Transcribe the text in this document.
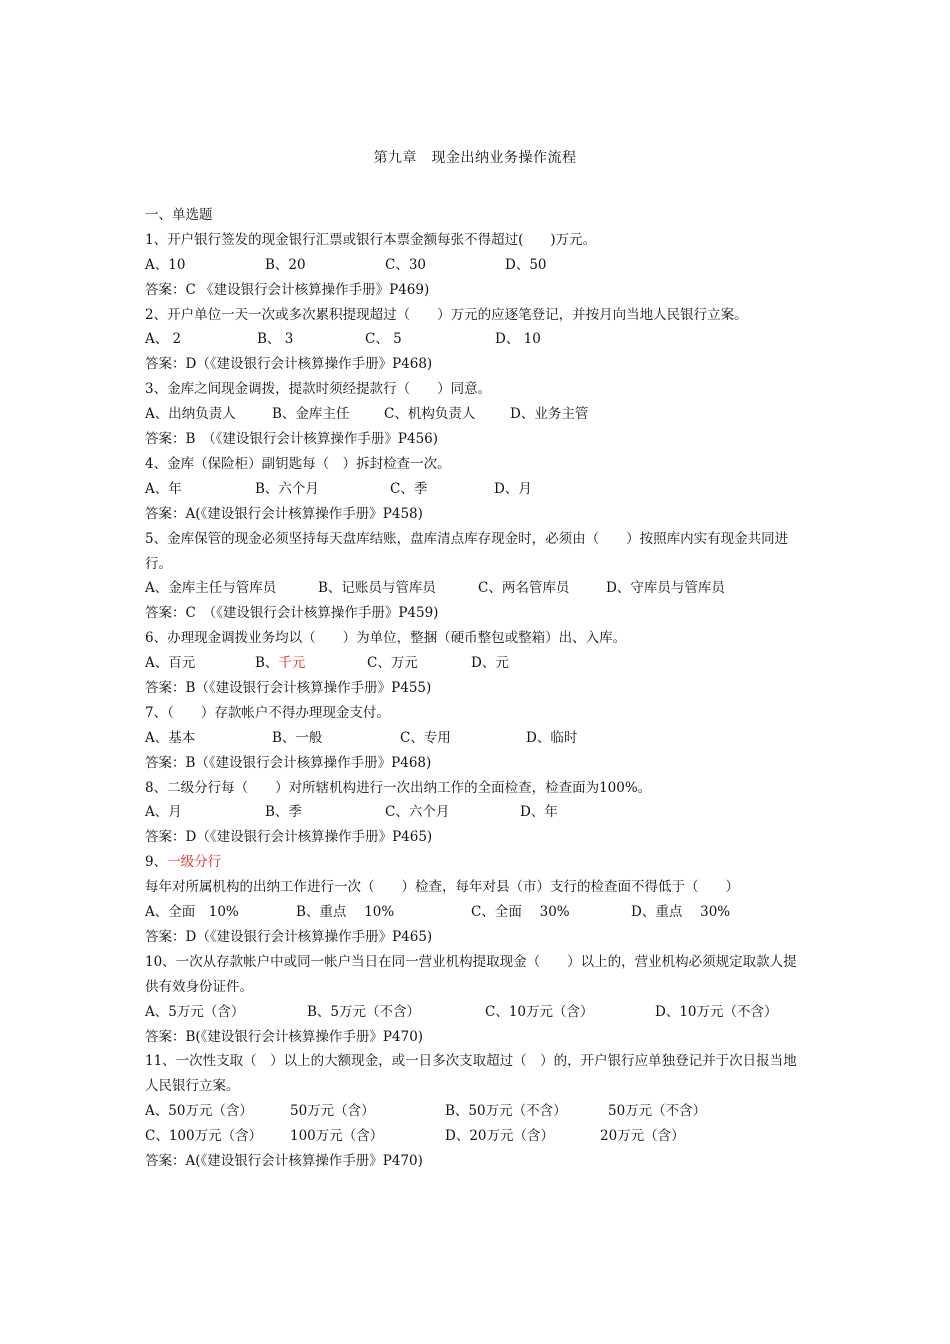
第九章　现金出纳业务操作流程
一、单选题
1、开户银行签发的现金银行汇票或银行本票金额每张不得超过(　　)万元。
A、10	B、20	C、30	D、50
答案：C 《建设银行会计核算操作手册》P469)
2、开户单位一天一次或多次累积提现超过（　　）万元的应逐笔登记，并按月向当地人民银行立案。
A、 2	B、 3	C、 5	D、 10
答案：D（《建设银行会计核算操作手册》P468)
3、金库之间现金调拨，提款时须经提款行（　　）同意。
A、出纳负责人	B、金库主任	C、机构负责人	D、业务主管
答案：B　（《建设银行会计核算操作手册》P456)
4、金库（保险柜）副钥匙每（　）拆封检查一次。
A、年	B、六个月	C、季	D、月
答案：A(《建设银行会计核算操作手册》P458)
5、金库保管的现金必须坚持每天盘库结账，盘库清点库存现金时，必须由（　　）按照库内实有现金共同进行。
A、金库主任与管库员	B、记账员与管库员	C、两名管库员	D、守库员与管库员
答案：C　（《建设银行会计核算操作手册》P459)
6、办理现金调拨业务均以（　　）为单位，整捆（硬币整包或整箱）出、入库。
A、百元	B、千元	C、万元	D、元
答案：B（《建设银行会计核算操作手册》P455)
7、（　　）存款帐户不得办理现金支付。
A、基本	B、一般	C、专用	D、临时
答案：B（《建设银行会计核算操作手册》P468)
8、二级分行每（　　）对所辖机构进行一次出纳工作的全面检查，检查面为100%。
A、月	B、季	C、六个月	D、年
答案：D（《建设银行会计核算操作手册》P465)
9、一级分行每年对所属机构的出纳工作进行一次（　　）检查，每年对县（市）支行的检查面不得低于（　　）
A、全面　10%	B、重点　 10%	C、全面　 30%	D、重点　 30%
答案：D（《建设银行会计核算操作手册》P465)
10、一次从存款帐户中或同一帐户当日在同一营业机构提取现金（　　）以上的，营业机构必须规定取款人提供有效身份证件。
A、5万元（含）	B、5万元（不含）	C、10万元（含）	D、10万元（不含）
答案：B(《建设银行会计核算操作手册》P470)
11、一次性支取（　）以上的大额现金，或一日多次支取超过（　）的，开户银行应单独登记并于次日报当地人民银行立案。
A、50万元（含）	50万元（含）	B、50万元（不含）	50万元（不含）
C、100万元（含）	100万元（含）	D、20万元（含）	20万元（含）
答案：A(《建设银行会计核算操作手册》P470)
